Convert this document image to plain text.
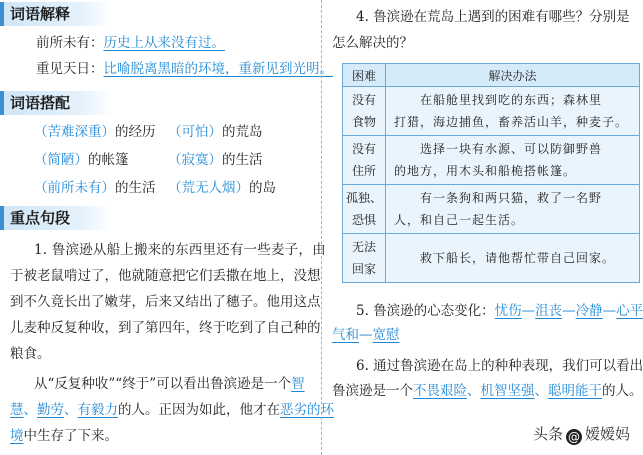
词语解释
前所未有：历史上从来没有过。
重见天日：比喻脱离黑暗的环境，重新见到光明。
词语搭配
（苦难深重）的经历 （可怕）的荒岛
（简陋）的帐篷	（寂寞）的生活
（前所未有）的生活 （荒无人烟）的岛
重点句段
1. 鲁滨逊从船上搬来的东西里还有一些麦子，由
于被老鼠啃过了，他就随意把它们丢撒在地上，没想
到不久竟长出了嫩芽，后来又结出了穗子。他用这点
儿麦种反复种收，到了第四年，终于吃到了自己种的
粮食。
从“反复种收”“终于”可以看出鲁滨逊是一个智
慧、勤劳、有毅力的人。正因为如此，他才在恶劣的环
境中生存了下来。
4. 鲁滨逊在荒岛上遇到的困难有哪些？分别是
怎么解决的？
困难	解决办法
没有
食物	在船舱里找到吃的东西；森林里
打猎，海边捕鱼，畜养活山羊，种麦子。
没有
住所	选择一块有水源、可以防御野兽
的地方，用木头和船桅搭帐篷。
孤独、
恐惧	有一条狗和两只猫，救了一名野
人，和自己一起生活。
无法
回家	救下船长，请他帮忙带自己回家。
5. 鲁滨逊的心态变化：忧伤—沮丧—冷静—心平
气和—宽慰
6. 通过鲁滨逊在岛上的种种表现，我们可以看出
鲁滨逊是一个不畏艰险、机智坚强、聪明能干的人。
头条 @ 嫒嫒妈
